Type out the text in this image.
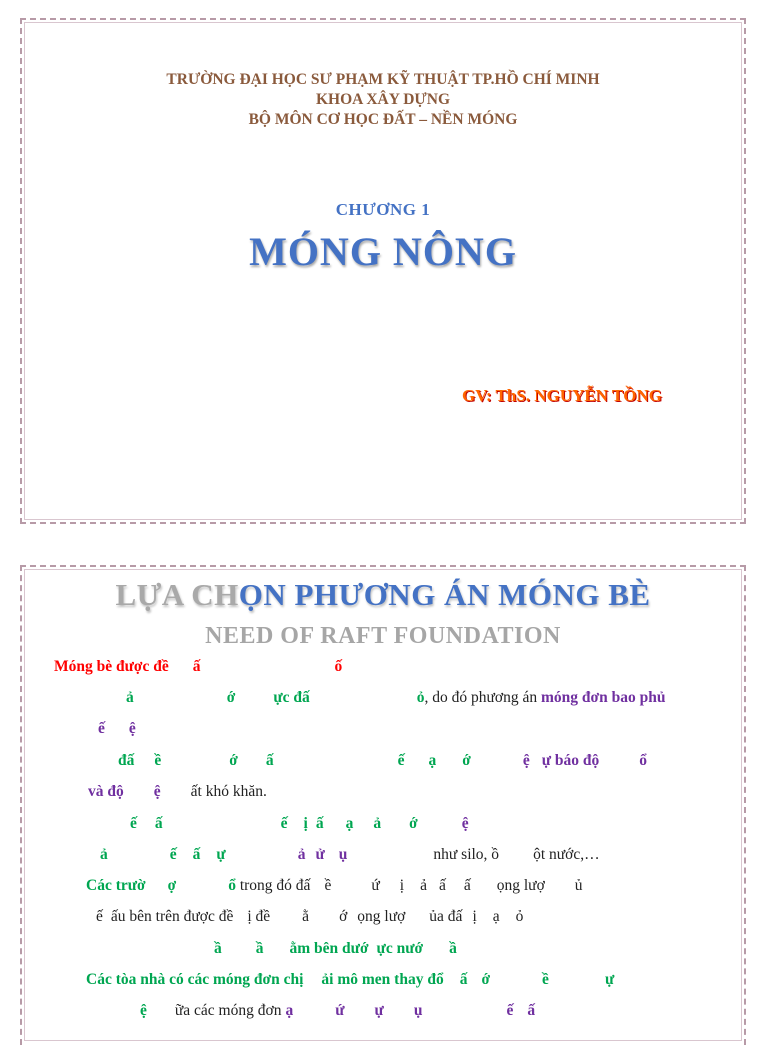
TRƯỜNG ĐẠI HỌC SƯ PHẠM KỸ THUẬT TP.HỒ CHÍ MINH
KHOA XÂY DỰNG
BỘ MÔN CƠ HỌC ĐẤT – NỀN MÓNG
CHƯƠNG 1
MÓNG NÔNG
GV: ThS. NGUYỄN TỒNG
LỰA CHỌN PHƯƠNG ÁN MÓNG BÈ
NEED OF RAFT FOUNDATION
Móng bè được đề ấ	ố
ả	ớ ực đấ	ỏ, do đó phương án móng đơn bao phủ
ế ệ
đấ ề	ớ ấ	ế ạ ớ	ệ ự báo độ	ổ
và độ ệ ất khó khăn.
ế ấ	ế ị ấ ạ ả ớ	ệ
ả	ế ấ ự	ả ử ụ	như silo, ồ ột nước,…
Các trườ ợ	ổ trong đó đấ ề	ứ ị ả ấ ấ ọng lượ ủ
ế ấu bên trên được đề ị đề ằ ớ ọng lượ ủa đấ ị ạ ỏ
ầ ầ ằm bên dướ ực nướ ầ
Các tòa nhà có các móng đơn chị ải mô men thay đổ ấ ớ	ề	ự
ệ ữa các móng đơn ạ	ứ ự ụ	ế ấ
